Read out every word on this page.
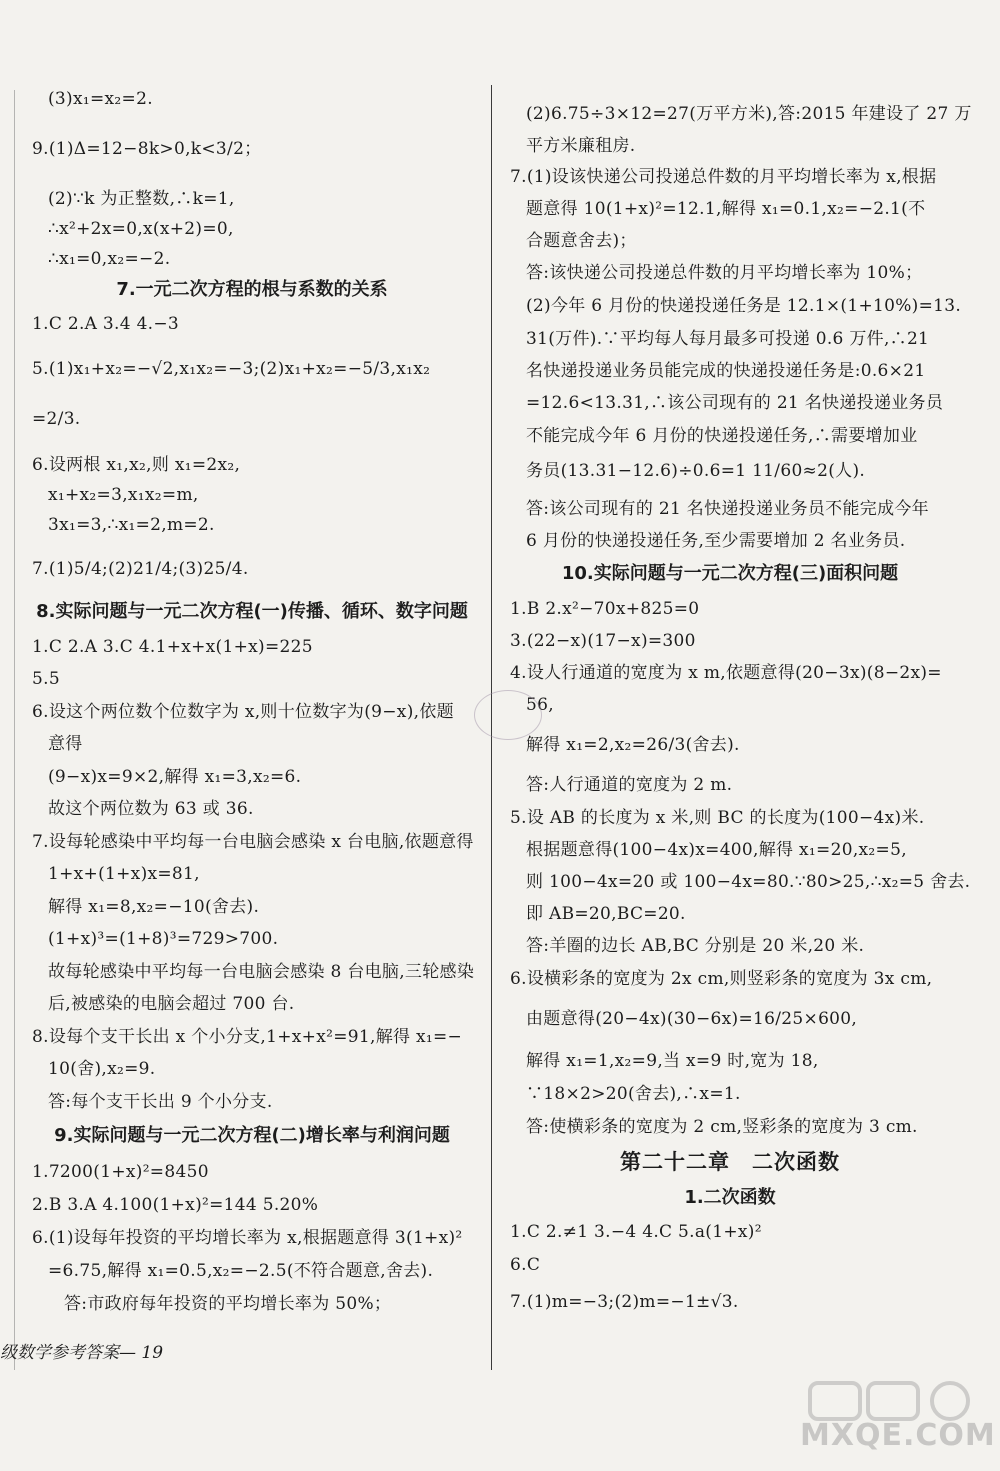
(3)x₁=x₂=2.
9.(1)Δ=12−8k>0,k<3/2；
(2)∵k 为正整数,∴k=1,
∴x²+2x=0,x(x+2)=0,
∴x₁=0,x₂=−2.
7.一元二次方程的根与系数的关系
1.C 2.A 3.4 4.−3
5.(1)x₁+x₂=−√2,x₁x₂=−3;(2)x₁+x₂=−5/3,x₁x₂
=2/3.
6.设两根 x₁,x₂,则 x₁=2x₂,
x₁+x₂=3,x₁x₂=m,
3x₁=3,∴x₁=2,m=2.
7.(1)5/4;(2)21/4;(3)25/4.
8.实际问题与一元二次方程(一)传播、循环、数字问题
1.C 2.A 3.C 4.1+x+x(1+x)=225
5.5
6.设这个两位数个位数字为 x,则十位数字为(9−x),依题
意得
(9−x)x=9×2,解得 x₁=3,x₂=6.
故这个两位数为 63 或 36.
7.设每轮感染中平均每一台电脑会感染 x 台电脑,依题意得
1+x+(1+x)x=81,
解得 x₁=8,x₂=−10(舍去).
(1+x)³=(1+8)³=729>700.
故每轮感染中平均每一台电脑会感染 8 台电脑,三轮感染
后,被感染的电脑会超过 700 台.
8.设每个支干长出 x 个小分支,1+x+x²=91,解得 x₁=−
10(舍),x₂=9.
答:每个支干长出 9 个小分支.
9.实际问题与一元二次方程(二)增长率与利润问题
1.7200(1+x)²=8450
2.B 3.A 4.100(1+x)²=144 5.20%
6.(1)设每年投资的平均增长率为 x,根据题意得 3(1+x)²
=6.75,解得 x₁=0.5,x₂=−2.5(不符合题意,舍去).
答:市政府每年投资的平均增长率为 50%；
(2)6.75÷3×12=27(万平方米),答:2015 年建设了 27 万
平方米廉租房.
7.(1)设该快递公司投递总件数的月平均增长率为 x,根据
题意得 10(1+x)²=12.1,解得 x₁=0.1,x₂=−2.1(不
合题意舍去)；
答:该快递公司投递总件数的月平均增长率为 10%；
(2)今年 6 月份的快递投递任务是 12.1×(1+10%)=13.
31(万件).∵平均每人每月最多可投递 0.6 万件,∴21
名快递投递业务员能完成的快递投递任务是:0.6×21
=12.6<13.31,∴该公司现有的 21 名快递投递业务员
不能完成今年 6 月份的快递投递任务,∴需要增加业
务员(13.31−12.6)÷0.6=1 11/60≈2(人).
答:该公司现有的 21 名快递投递业务员不能完成今年
6 月份的快递投递任务,至少需要增加 2 名业务员.
10.实际问题与一元二次方程(三)面积问题
1.B 2.x²−70x+825=0
3.(22−x)(17−x)=300
4.设人行通道的宽度为 x m,依题意得(20−3x)(8−2x)=
56,
解得 x₁=2,x₂=26/3(舍去).
答:人行通道的宽度为 2 m.
5.设 AB 的长度为 x 米,则 BC 的长度为(100−4x)米.
根据题意得(100−4x)x=400,解得 x₁=20,x₂=5,
则 100−4x=20 或 100−4x=80.∵80>25,∴x₂=5 舍去.
即 AB=20,BC=20.
答:羊圈的边长 AB,BC 分别是 20 米,20 米.
6.设横彩条的宽度为 2x cm,则竖彩条的宽度为 3x cm,
由题意得(20−4x)(30−6x)=16/25×600,
解得 x₁=1,x₂=9,当 x=9 时,宽为 18,
∵18×2>20(舍去),∴x=1.
答:使横彩条的宽度为 2 cm,竖彩条的宽度为 3 cm.
第二十二章　二次函数
1.二次函数
1.C 2.≠1 3.−4 4.C 5.a(1+x)²
6.C
7.(1)m=−3;(2)m=−1±√3.
级数学参考答案— 19
MXQE.COM
